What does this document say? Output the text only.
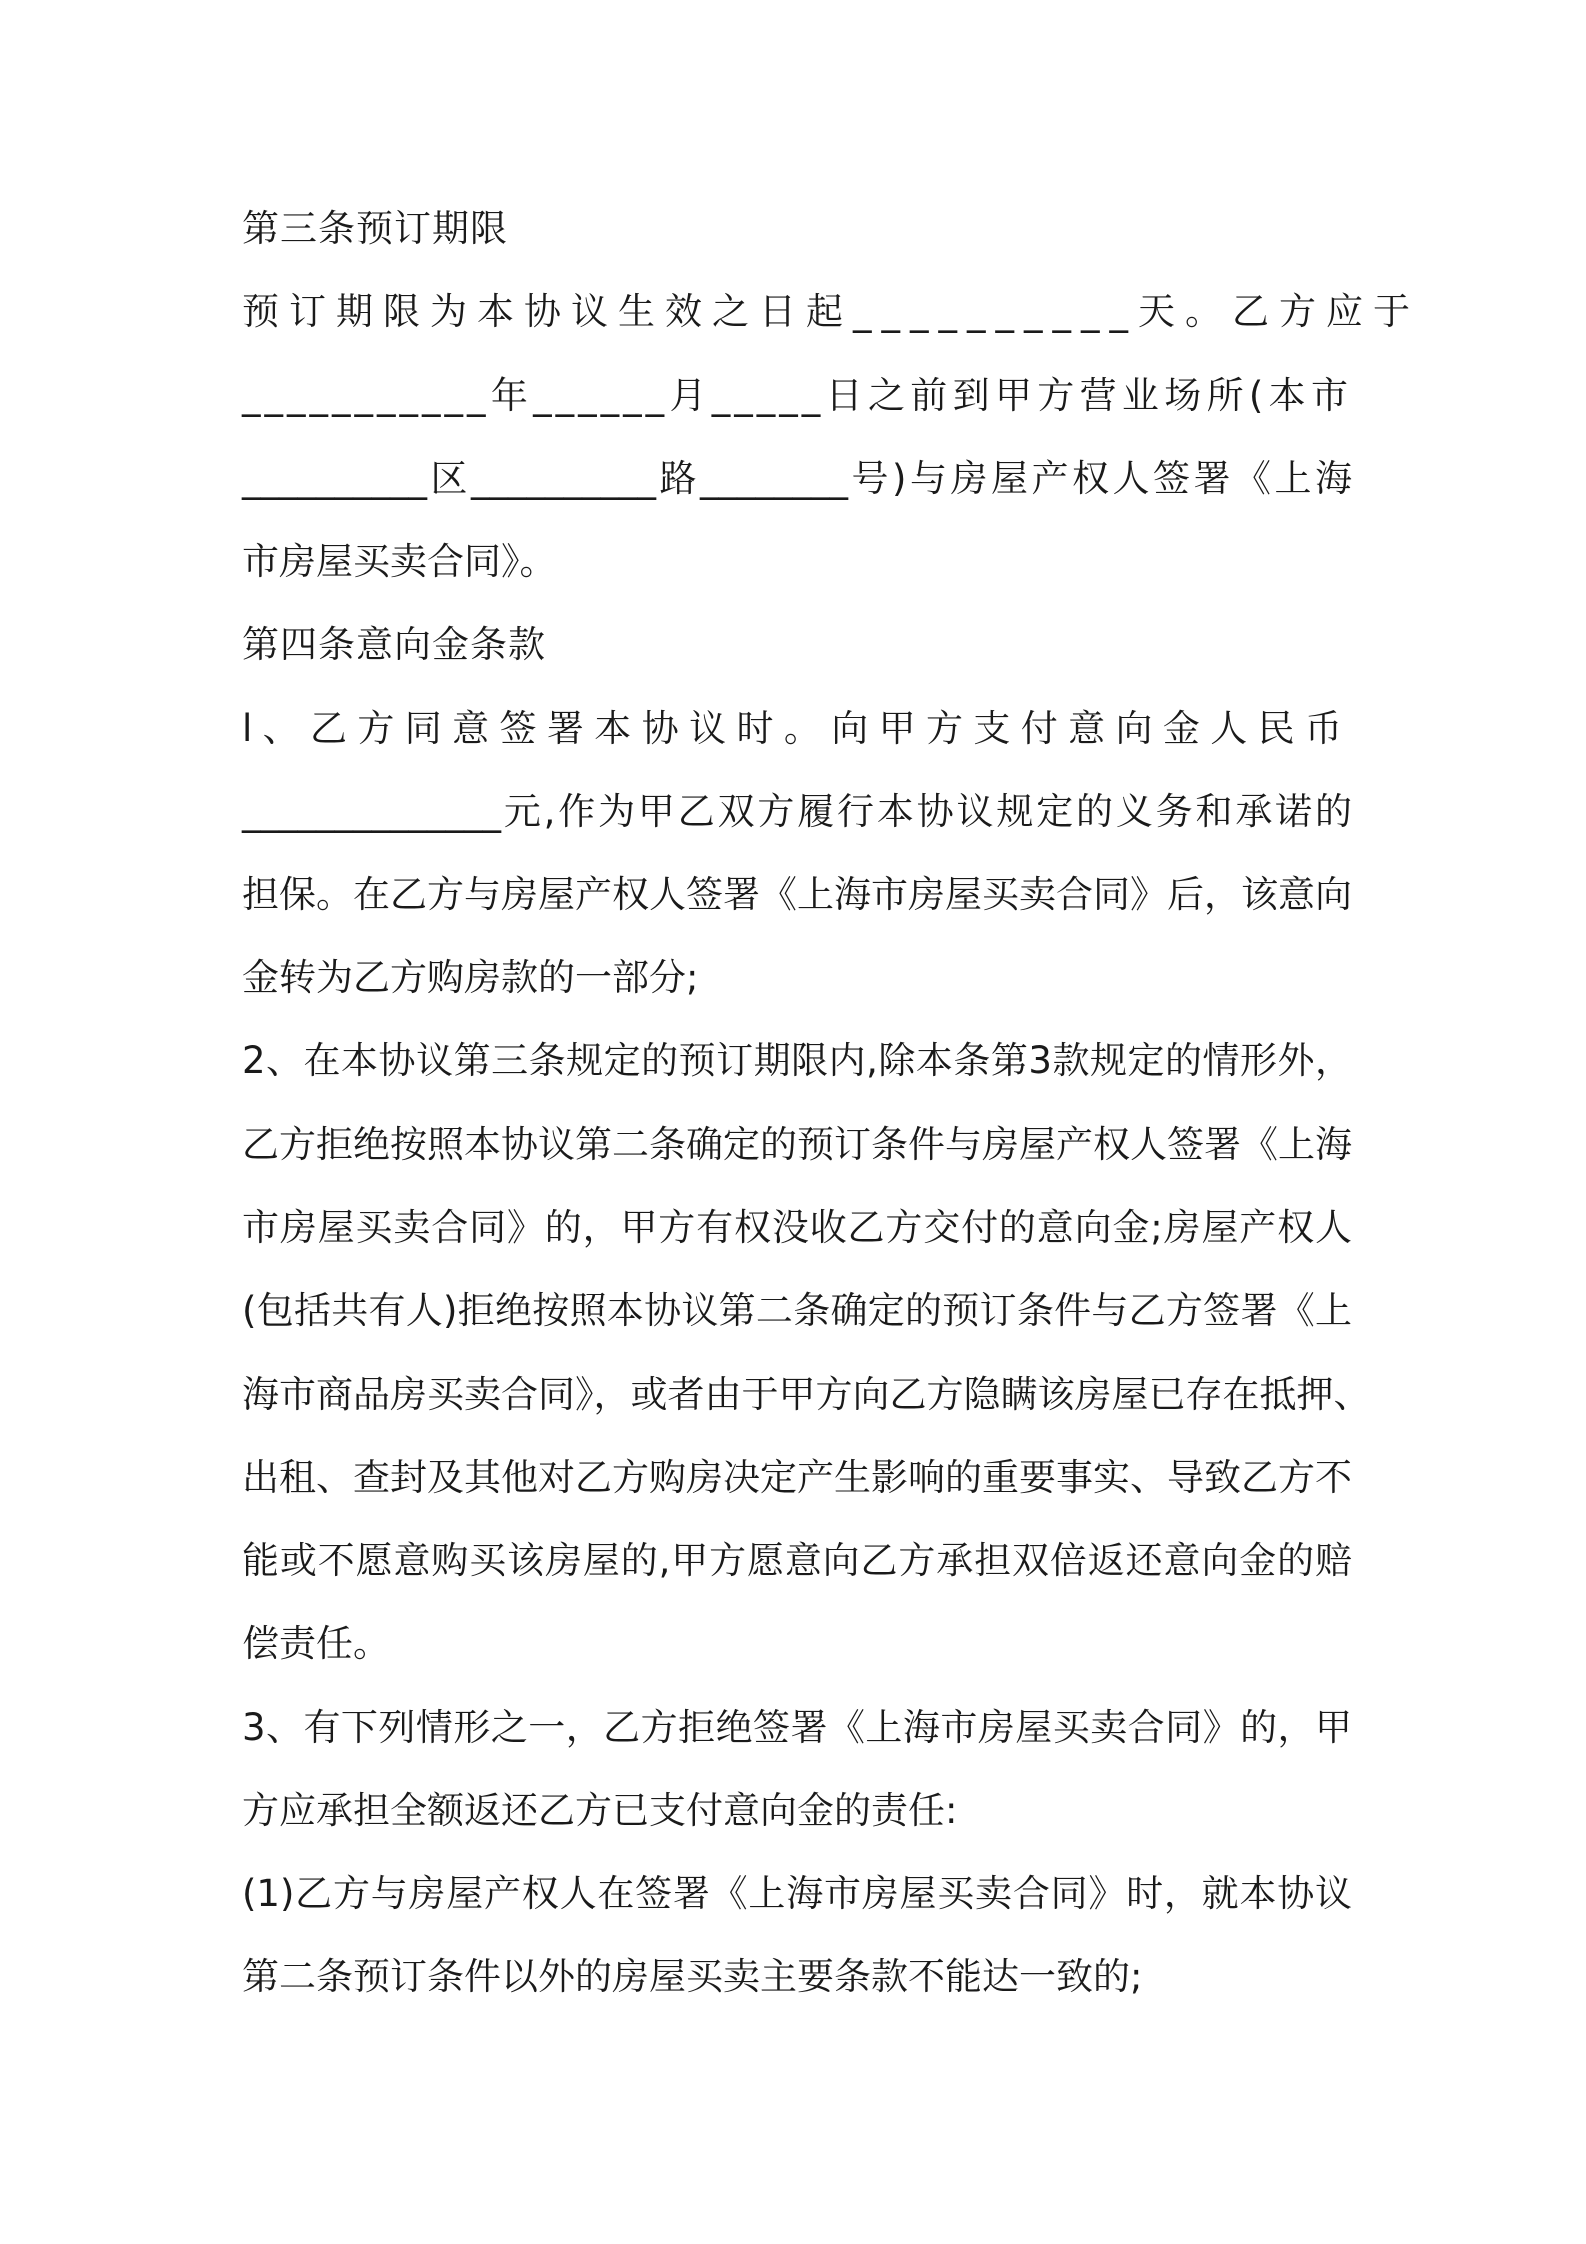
第三条预订期限
预订期限为本协议生效之日起__________天。乙方应于
___________年______月_____日之前到甲方营业场所(本市
__________区__________路________号)与房屋产权人签署《上海
市房屋买卖合同》。
第四条意向金条款
l、乙方同意签署本协议时。向甲方支付意向金人民币
______________元,作为甲乙双方履行本协议规定的义务和承诺的
担保。在乙方与房屋产权人签署《上海市房屋买卖合同》后，该意向
金转为乙方购房款的一部分;
2、在本协议第三条规定的预订期限内,除本条第3款规定的情形外，
乙方拒绝按照本协议第二条确定的预订条件与房屋产权人签署《上海
市房屋买卖合同》的，甲方有权没收乙方交付的意向金;房屋产权人
(包括共有人)拒绝按照本协议第二条确定的预订条件与乙方签署《上
海市商品房买卖合同》，或者由于甲方向乙方隐瞒该房屋已存在抵押、
出租、查封及其他对乙方购房决定产生影响的重要事实、导致乙方不
能或不愿意购买该房屋的,甲方愿意向乙方承担双倍返还意向金的赔
偿责任。
3、有下列情形之一，乙方拒绝签署《上海市房屋买卖合同》的，甲
方应承担全额返还乙方已支付意向金的责任:
(1)乙方与房屋产权人在签署《上海市房屋买卖合同》时，就本协议
第二条预订条件以外的房屋买卖主要条款不能达一致的;
